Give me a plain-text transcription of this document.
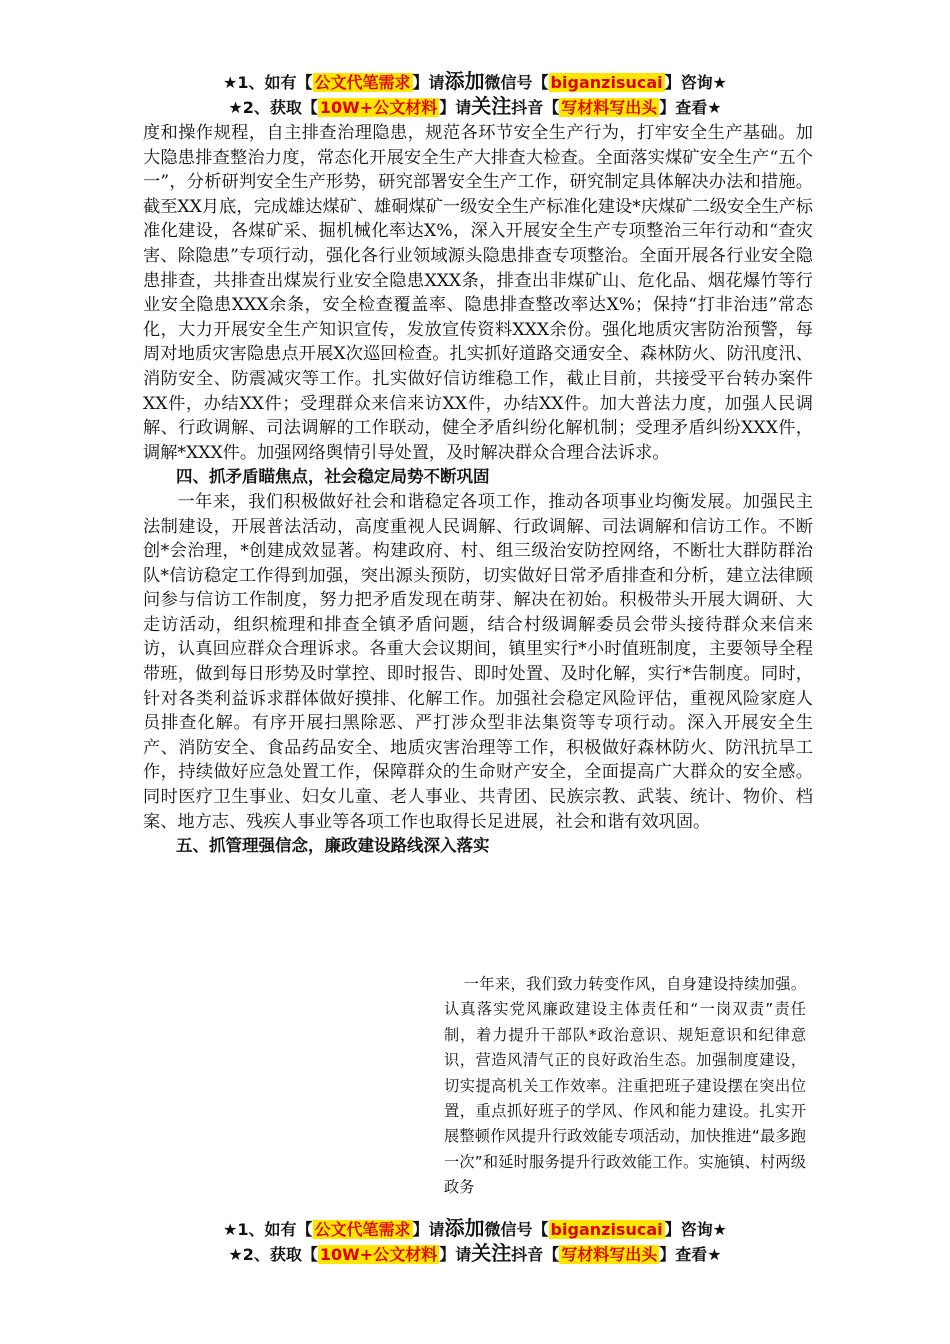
★1、如有【 公文代笔需求 】请添加微信号【 biganzisucai 】咨询★
★2、获取【 10W+公文材料 】请关注抖音【 写材料写出头 】查看★

度和操作规程，自主排查治理隐患，规范各环节安全生产行为，打牢安全生产基础。加大隐患排查整治力度，常态化开展安全生产大排查大检查。全面落实煤矿安全生产“五个一”，分析研判安全生产形势，研究部署安全生产工作，研究制定具体解决办法和措施。截至XX月底，完成雄达煤矿、雄硐煤矿一级安全生产标准化建设*庆煤矿二级安全生产标准化建设，各煤矿采、掘机械化率达X%，深入开展安全生产专项整治三年行动和“查灾害、除隐患”专项行动，强化各行业领域源头隐患排查专项整治。全面开展各行业安全隐患排查，共排查出煤炭行业安全隐患XXX条，排查出非煤矿山、危化品、烟花爆竹等行业安全隐患XXX余条，安全检查覆盖率、隐患排查整改率达X%；保持“打非治违”常态化，大力开展安全生产知识宣传，发放宣传资料XXX余份。强化地质灾害防治预警，每周对地质灾害隐患点开展X次巡回检查。扎实抓好道路交通安全、森林防火、防汛度汛、消防安全、防震减灾等工作。扎实做好信访维稳工作，截止目前，共接受平台转办案件XX件，办结XX件；受理群众来信来访XX件，办结XX件。加大普法力度，加强人民调解、行政调解、司法调解的工作联动，健全矛盾纠纷化解机制；受理矛盾纠纷XXX件，调解*XXX件。加强网络舆情引导处置，及时解决群众合理合法诉求。

四、抓矛盾瞄焦点，社会稳定局势不断巩固

一年来，我们积极做好社会和谐稳定各项工作，推动各项事业均衡发展。加强民主法制建设，开展普法活动，高度重视人民调解、行政调解、司法调解和信访工作。不断创*会治理，*创建成效显著。构建政府、村、组三级治安防控网络，不断壮大群防群治队*信访稳定工作得到加强，突出源头预防，切实做好日常矛盾排查和分析，建立法律顾问参与信访工作制度，努力把矛盾发现在萌芽、解决在初始。积极带头开展大调研、大走访活动，组织梳理和排查全镇矛盾问题，结合村级调解委员会带头接待群众来信来访，认真回应群众合理诉求。各重大会议期间，镇里实行*小时值班制度，主要领导全程带班，做到每日形势及时掌控、即时报告、即时处置、及时化解，实行*告制度。同时，针对各类利益诉求群体做好摸排、化解工作。加强社会稳定风险评估，重视风险家庭人员排查化解。有序开展扫黑除恶、严打涉众型非法集资等专项行动。深入开展安全生产、消防安全、食品药品安全、地质灾害治理等工作，积极做好森林防火、防汛抗旱工作，持续做好应急处置工作，保障群众的生命财产安全，全面提高广大群众的安全感。同时医疗卫生事业、妇女儿童、老人事业、共青团、民族宗教、武装、统计、物价、档案、地方志、残疾人事业等各项工作也取得长足进展，社会和谐有效巩固。

五、抓管理强信念，廉政建设路线深入落实

一年来，我们致力转变作风，自身建设持续加强。认真落实党风廉政建设主体责任和“一岗双责”责任制，着力提升干部队*政治意识、规矩意识和纪律意识，营造风清气正的良好政治生态。加强制度建设，切实提高机关工作效率。注重把班子建设摆在突出位置，重点抓好班子的学风、作风和能力建设。扎实开展整顿作风提升行政效能专项活动，加快推进“最多跑一次”和延时服务提升行政效能工作。实施镇、村两级政务

★1、如有【 公文代笔需求 】请添加微信号【 biganzisucai 】咨询★
★2、获取【 10W+公文材料 】请关注抖音【 写材料写出头 】查看★
